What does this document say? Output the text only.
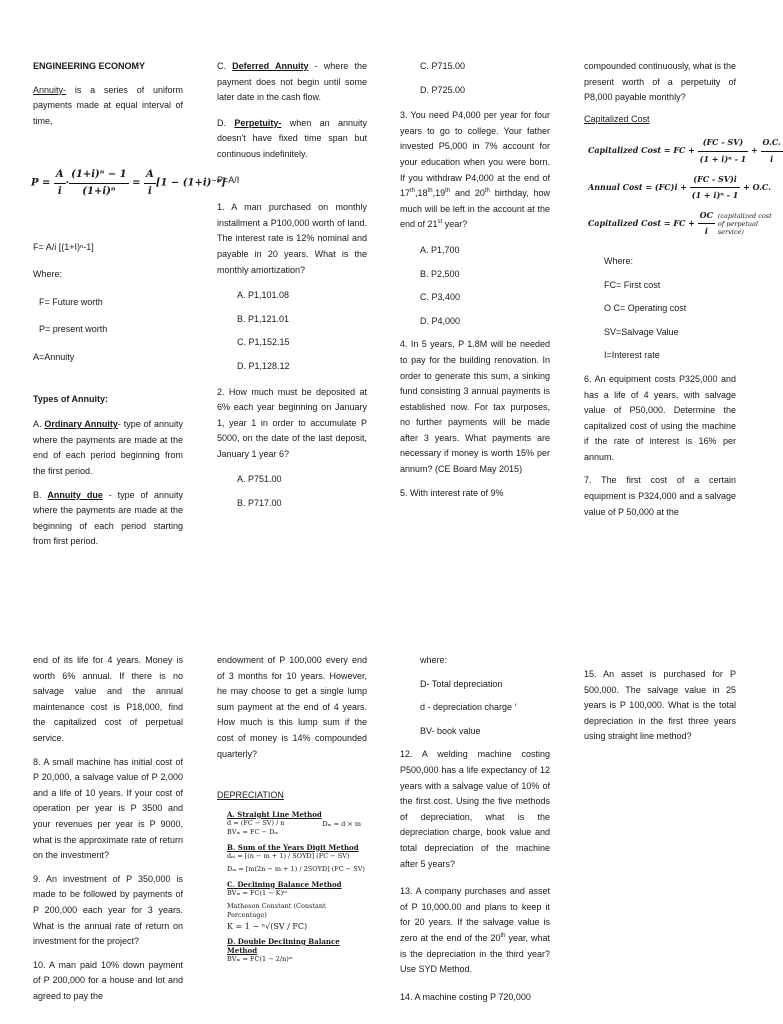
ENGINEERING ECONOMY

Annuity- is a series of uniform payments made at equal interval of time,

$P = \frac{A}{i} \cdot \frac{\text{(1+i)ⁿ − 1}}{\text{(1+i)ⁿ}} = \frac{A}{i} [1 - (1+i)^{-n}]$

F= A/i [(1+I)ⁿ-1]

Where:

F= Future worth

P= present worth

A=Annuity

Types of Annuity:

A. Ordinary Annuity- type of annuity where the payments are made at the end of each period beginning from the first period.

B. Annuity due - type of annuity where the payments are made at the beginning of each period starting from first period.

C. Deferred Annuity - where the payment does not begin until some later date in the cash flow.

D. Perpetuity- when an annuity doesn't have fixed time span but continuous indefinitely.

P=A/I

1. A man purchased on monthly installment a P100,000 worth of land. The interest rate is 12% nominal and payable in 20 years. What is the monthly amortization?

A. P1,101.08

B. P1,121.01

C. P1,152.15

D. P1,128.12

2. How much must be deposited at 6% each year beginning on January 1, year 1 in order to accumulate P 5000, on the date of the last deposit, January 1 year 6?

A. P751.00

B. P717.00

C. P715.00

D. P725.00

3. You need P4,000 per year for four years to go to college. Your father invested P5,000 in 7% account for your education when you were born. If you withdraw P4,000 at the end of 17th,18th,19th and 20th birthday, how much will be left in the account at the end of 21st year?

A. P1,700

B. P2,500

C. P3,400

D. P4,000

4. In 5 years, P 1.8M will be needed to pay for the building renovation. In order to generate this sum, a sinking fund consisting 3 annual payments is established now. For tax purposes, no further payments will be made after 3 years. What payments are necessary if money is worth 15% per annum? (CE Board May 2015)

5. With interest rate of 9%

compounded continuously, what is the present worth of a perpetuity of P8,000 payable monthly?

Capitalized Cost

Capitalized Cost = FC + $\frac{(FC - SV)}{\text{(1 + i)ⁿ - 1}} + \frac{O.C.}{i}$
Annual Cost = $(FC)i + \frac{(FC - SV)i}{\text{(1 + i)ⁿ - 1}} + O.C$.
Capitalized Cost = FC + $\frac{OC}{i}$ (capitalized cost of perpetual service)

Where:

FC= First cost

O C= Operating cost

SV=Salvage Value

I=Interest rate

6. An equipment costs P325,000 and has a life of 4 years, with salvage value of P50,000. Determine the capitalized cost of using the machine if the rate of interest is 16% per annum.

7. The first cost of a certain equipment is P324,000 and a salvage value of P 50,000 at the

end of its life for 4 years. Money is worth 6% annual. If there is no salvage value and the annual maintenance cost is P18,000, find the capitalized cost of perpetual service.

8. A small machine has initial cost of P 20,000, a salvage value of P 2,000 and a life of 10 years. If your cost of operation per year is P 3500 and your revenues per year is P 9000, what is the approximate rate of return on the investment?

9. An investment of P 350,000 is made to be followed by payments of P 200,000 each year for 3 years. What is the annual rate of return on investment for the project?

10. A man paid 10% down payment of P 200,000 for a house and lot and agreed to pay the

endowment of P 100,000 every end of 3 months for 10 years. However, he may choose to get a single lump sum payment at the end of 4 years. How much is this lump sum if the cost of money is 14% compounded quarterly?

DEPRECIATION

A. Straight Line Method
d = (FC − SV) / n
BVₘ = FC − Dₘ
Dₘ = d × m
B. Sum of the Years Digit Method
dₘ = [(n − m + 1) / SOYD] (FC − SV)
Dₘ = [m(2n − m + 1) / 2SOYD] (FC − SV)
C. Declining Balance Method
BVₘ = FC(1 − K)ᵐ
Matheson Constant (Constant Percentage)
K = 1 − ⁿ√(SV / FC)
D. Double Declining Balance Method
BVₘ = FC(1 − 2/n)ᵐ

where:

D- Total depreciation

d - depreciation charge ‘

BV- book value

12. A welding machine costing P500,000 has a life expectancy of 12 years with a salvage value of 10% of the first cost. Using the five methods of depreciation, what is the depreciation charge, book value and total depreciation of the machine after 5 years?

13. A company purchases and asset of P 10,000.00 and plans to keep it for 20 years. If the salvage value is zero at the end of the 20th year, what is the depreciation in the third year? Use SYD Method.

14. A machine costing P 720,000

15. An asset is purchased for P 500,000. The salvage value in 25 years is P 100,000. What is the total depreciation in the first three years using straight line method?
